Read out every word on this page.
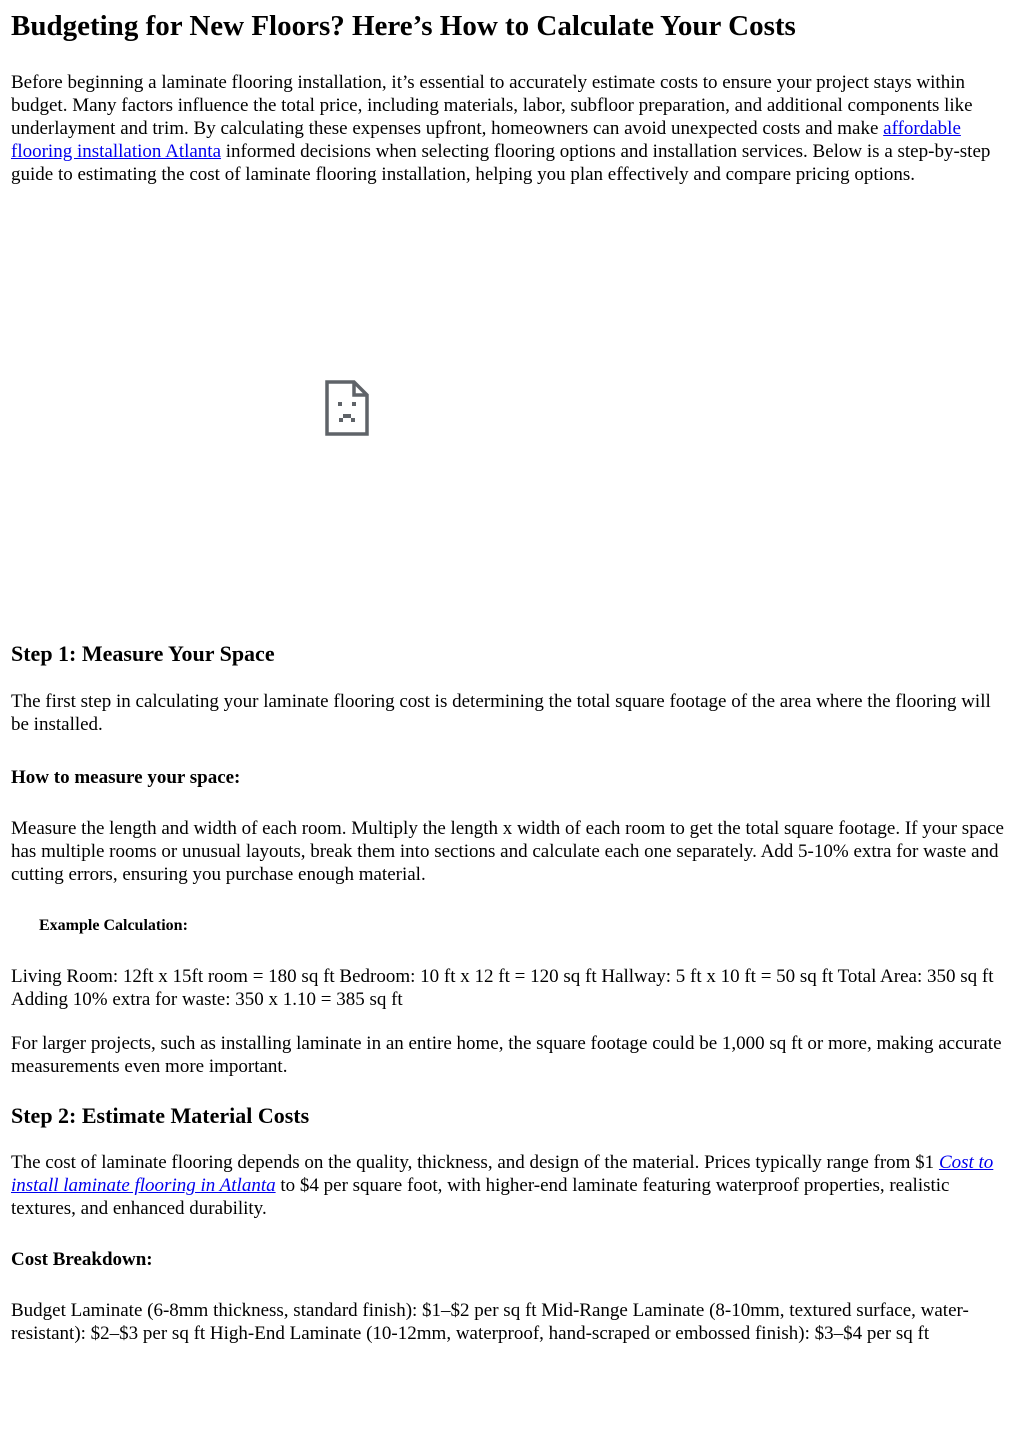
Budgeting for New Floors? Here’s How to Calculate Your Costs

Before beginning a laminate flooring installation, it’s essential to accurately estimate costs to ensure your project stays within budget. Many factors influence the total price, including materials, labor, subfloor preparation, and additional components like underlayment and trim. By calculating these expenses upfront, homeowners can avoid unexpected costs and make affordable flooring installation Atlanta informed decisions when selecting flooring options and installation services. Below is a step-by-step guide to estimating the cost of laminate flooring installation, helping you plan effectively and compare pricing options.

Step 1: Measure Your Space

The first step in calculating your laminate flooring cost is determining the total square footage of the area where the flooring will be installed.

How to measure your space:

Measure the length and width of each room. Multiply the length x width of each room to get the total square footage. If your space has multiple rooms or unusual layouts, break them into sections and calculate each one separately. Add 5-10% extra for waste and cutting errors, ensuring you purchase enough material.

Example Calculation:

Living Room: 12ft x 15ft room = 180 sq ft Bedroom: 10 ft x 12 ft = 120 sq ft Hallway: 5 ft x 10 ft = 50 sq ft Total Area: 350 sq ft Adding 10% extra for waste: 350 x 1.10 = 385 sq ft

For larger projects, such as installing laminate in an entire home, the square footage could be 1,000 sq ft or more, making accurate measurements even more important.

Step 2: Estimate Material Costs

The cost of laminate flooring depends on the quality, thickness, and design of the material. Prices typically range from $1 Cost to install laminate flooring in Atlanta to $4 per square foot, with higher-end laminate featuring waterproof properties, realistic textures, and enhanced durability.

Cost Breakdown:

Budget Laminate (6-8mm thickness, standard finish): $1–$2 per sq ft Mid-Range Laminate (8-10mm, textured surface, water-resistant): $2–$3 per sq ft High-End Laminate (10-12mm, waterproof, hand-scraped or embossed finish): $3–$4 per sq ft
